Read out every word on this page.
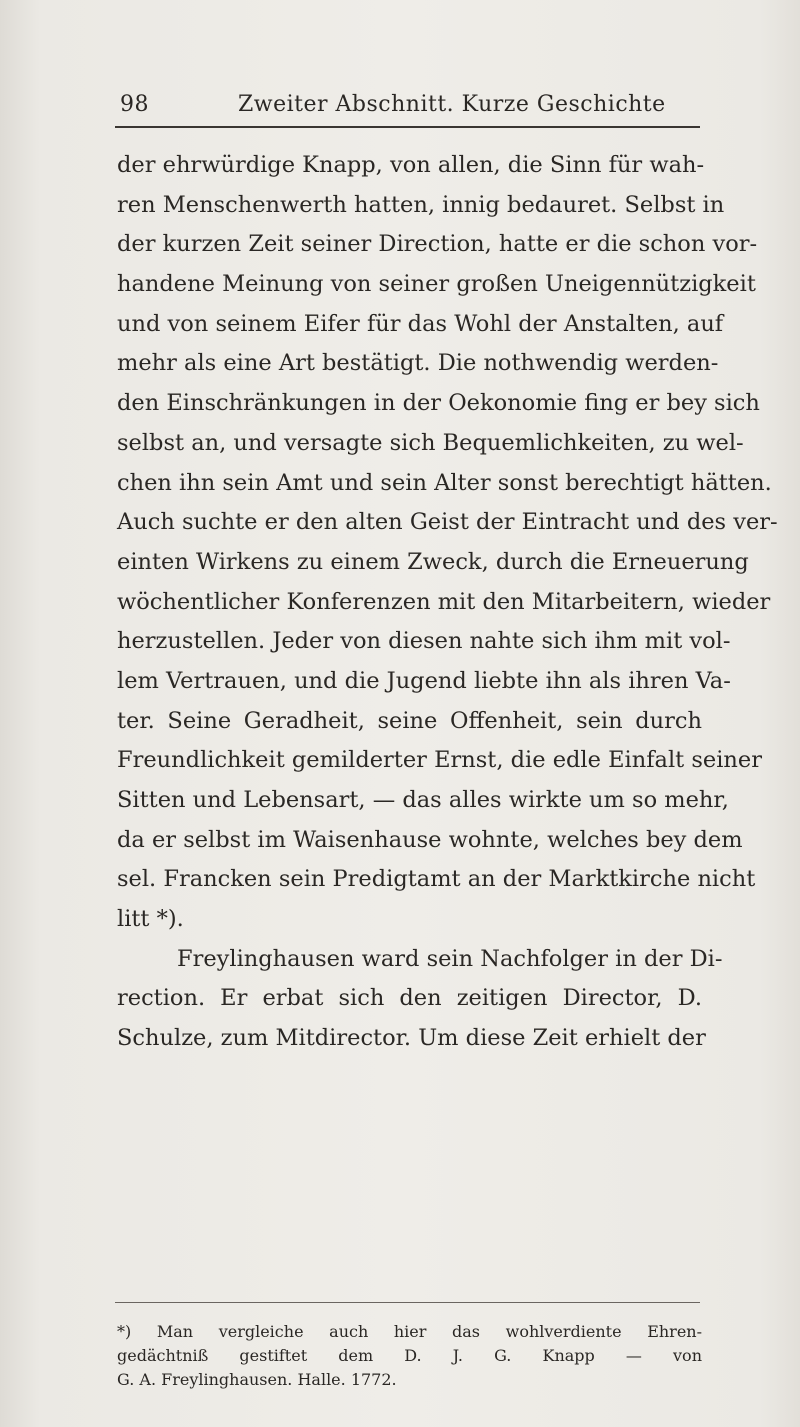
98	Zweiter Abschnitt. Kurze Geschichte
der ehrwürdige Knapp, von allen, die Sinn für wah-
ren Menschenwerth hatten, innig bedauret. Selbst in
der kurzen Zeit seiner Direction, hatte er die schon vor-
handene Meinung von seiner großen Uneigennützigkeit
und von seinem Eifer für das Wohl der Anstalten, auf
mehr als eine Art bestätigt. Die nothwendig werden-
den Einschränkungen in der Oekonomie fing er bey sich
selbst an, und versagte sich Bequemlichkeiten, zu wel-
chen ihn sein Amt und sein Alter sonst berechtigt hätten.
Auch suchte er den alten Geist der Eintracht und des ver-
einten Wirkens zu einem Zweck, durch die Erneuerung
wöchentlicher Konferenzen mit den Mitarbeitern, wieder
herzustellen. Jeder von diesen nahte sich ihm mit vol-
lem Vertrauen, und die Jugend liebte ihn als ihren Va-
ter. Seine Geradheit, seine Offenheit, sein durch
Freundlichkeit gemilderter Ernst, die edle Einfalt seiner
Sitten und Lebensart, — das alles wirkte um so mehr,
da er selbst im Waisenhause wohnte, welches bey dem
sel. Francken sein Predigtamt an der Marktkirche nicht
litt *).
Freylinghausen ward sein Nachfolger in der Di-
rection. Er erbat sich den zeitigen Director, D.
Schulze, zum Mitdirector. Um diese Zeit erhielt der
*) Man vergleiche auch hier das wohlverdiente Ehren-
gedächtniß gestiftet dem D. J. G. Knapp — von
G. A. Freylinghausen. Halle. 1772.
